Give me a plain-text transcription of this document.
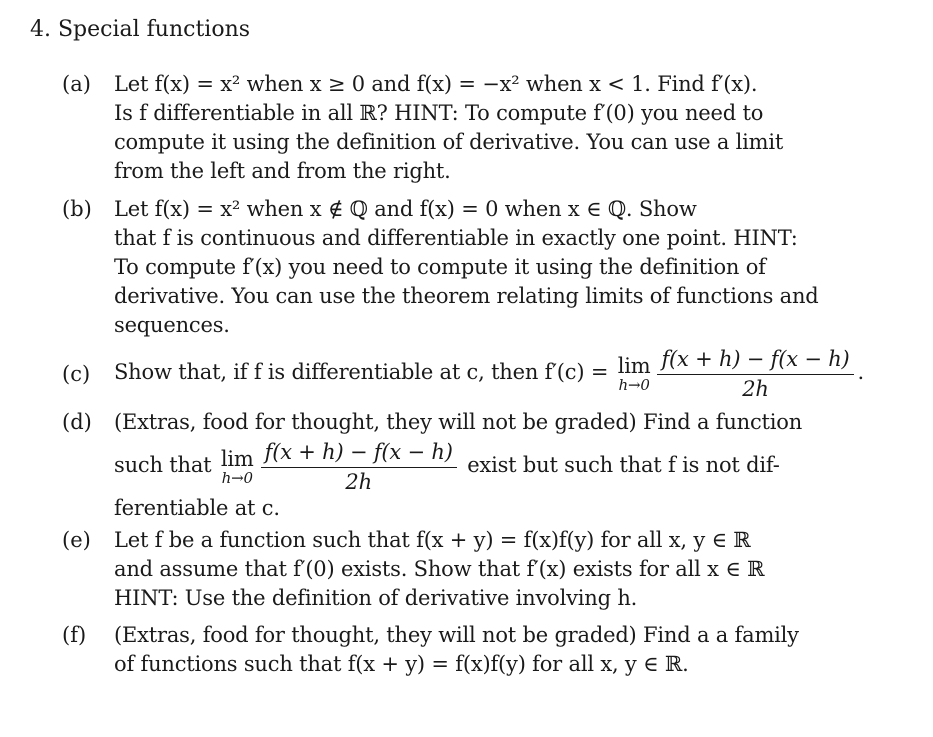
4. Special functions
(a)	Let f(x) = x² when x ≥ 0 and f(x) = −x² when x < 1. Find f′(x).
Is f differentiable in all ℝ? HINT: To compute f′(0) you need to
compute it using the definition of derivative. You can use a limit
from the left and from the right.
(b)	Let f(x) = x² when x ∉ ℚ and f(x) = 0 when x ∈ ℚ. Show
that f is continuous and differentiable in exactly one point. HINT:
To compute f′(x) you need to compute it using the definition of
derivative. You can use the theorem relating limits of functions and
sequences.
(c)	Show that, if f is differentiable at c, then f′(c) = lim
$h\to 0 \frac{f(x + h) - f(x - h)}{2h}$ .
(d)	(Extras, food for thought, they will not be graded) Find a function
such that lim
$h\to 0 \frac{f(x + h) - f(x - h)}{2h}$ exist but such that f is not dif-
ferentiable at c.
(e)	Let f be a function such that f(x + y) = f(x)f(y) for all x, y ∈ ℝ
and assume that f′(0) exists. Show that f′(x) exists for all x ∈ ℝ
HINT: Use the definition of derivative involving h.
(f)	(Extras, food for thought, they will not be graded) Find a a family
of functions such that f(x + y) = f(x)f(y) for all x, y ∈ ℝ.
